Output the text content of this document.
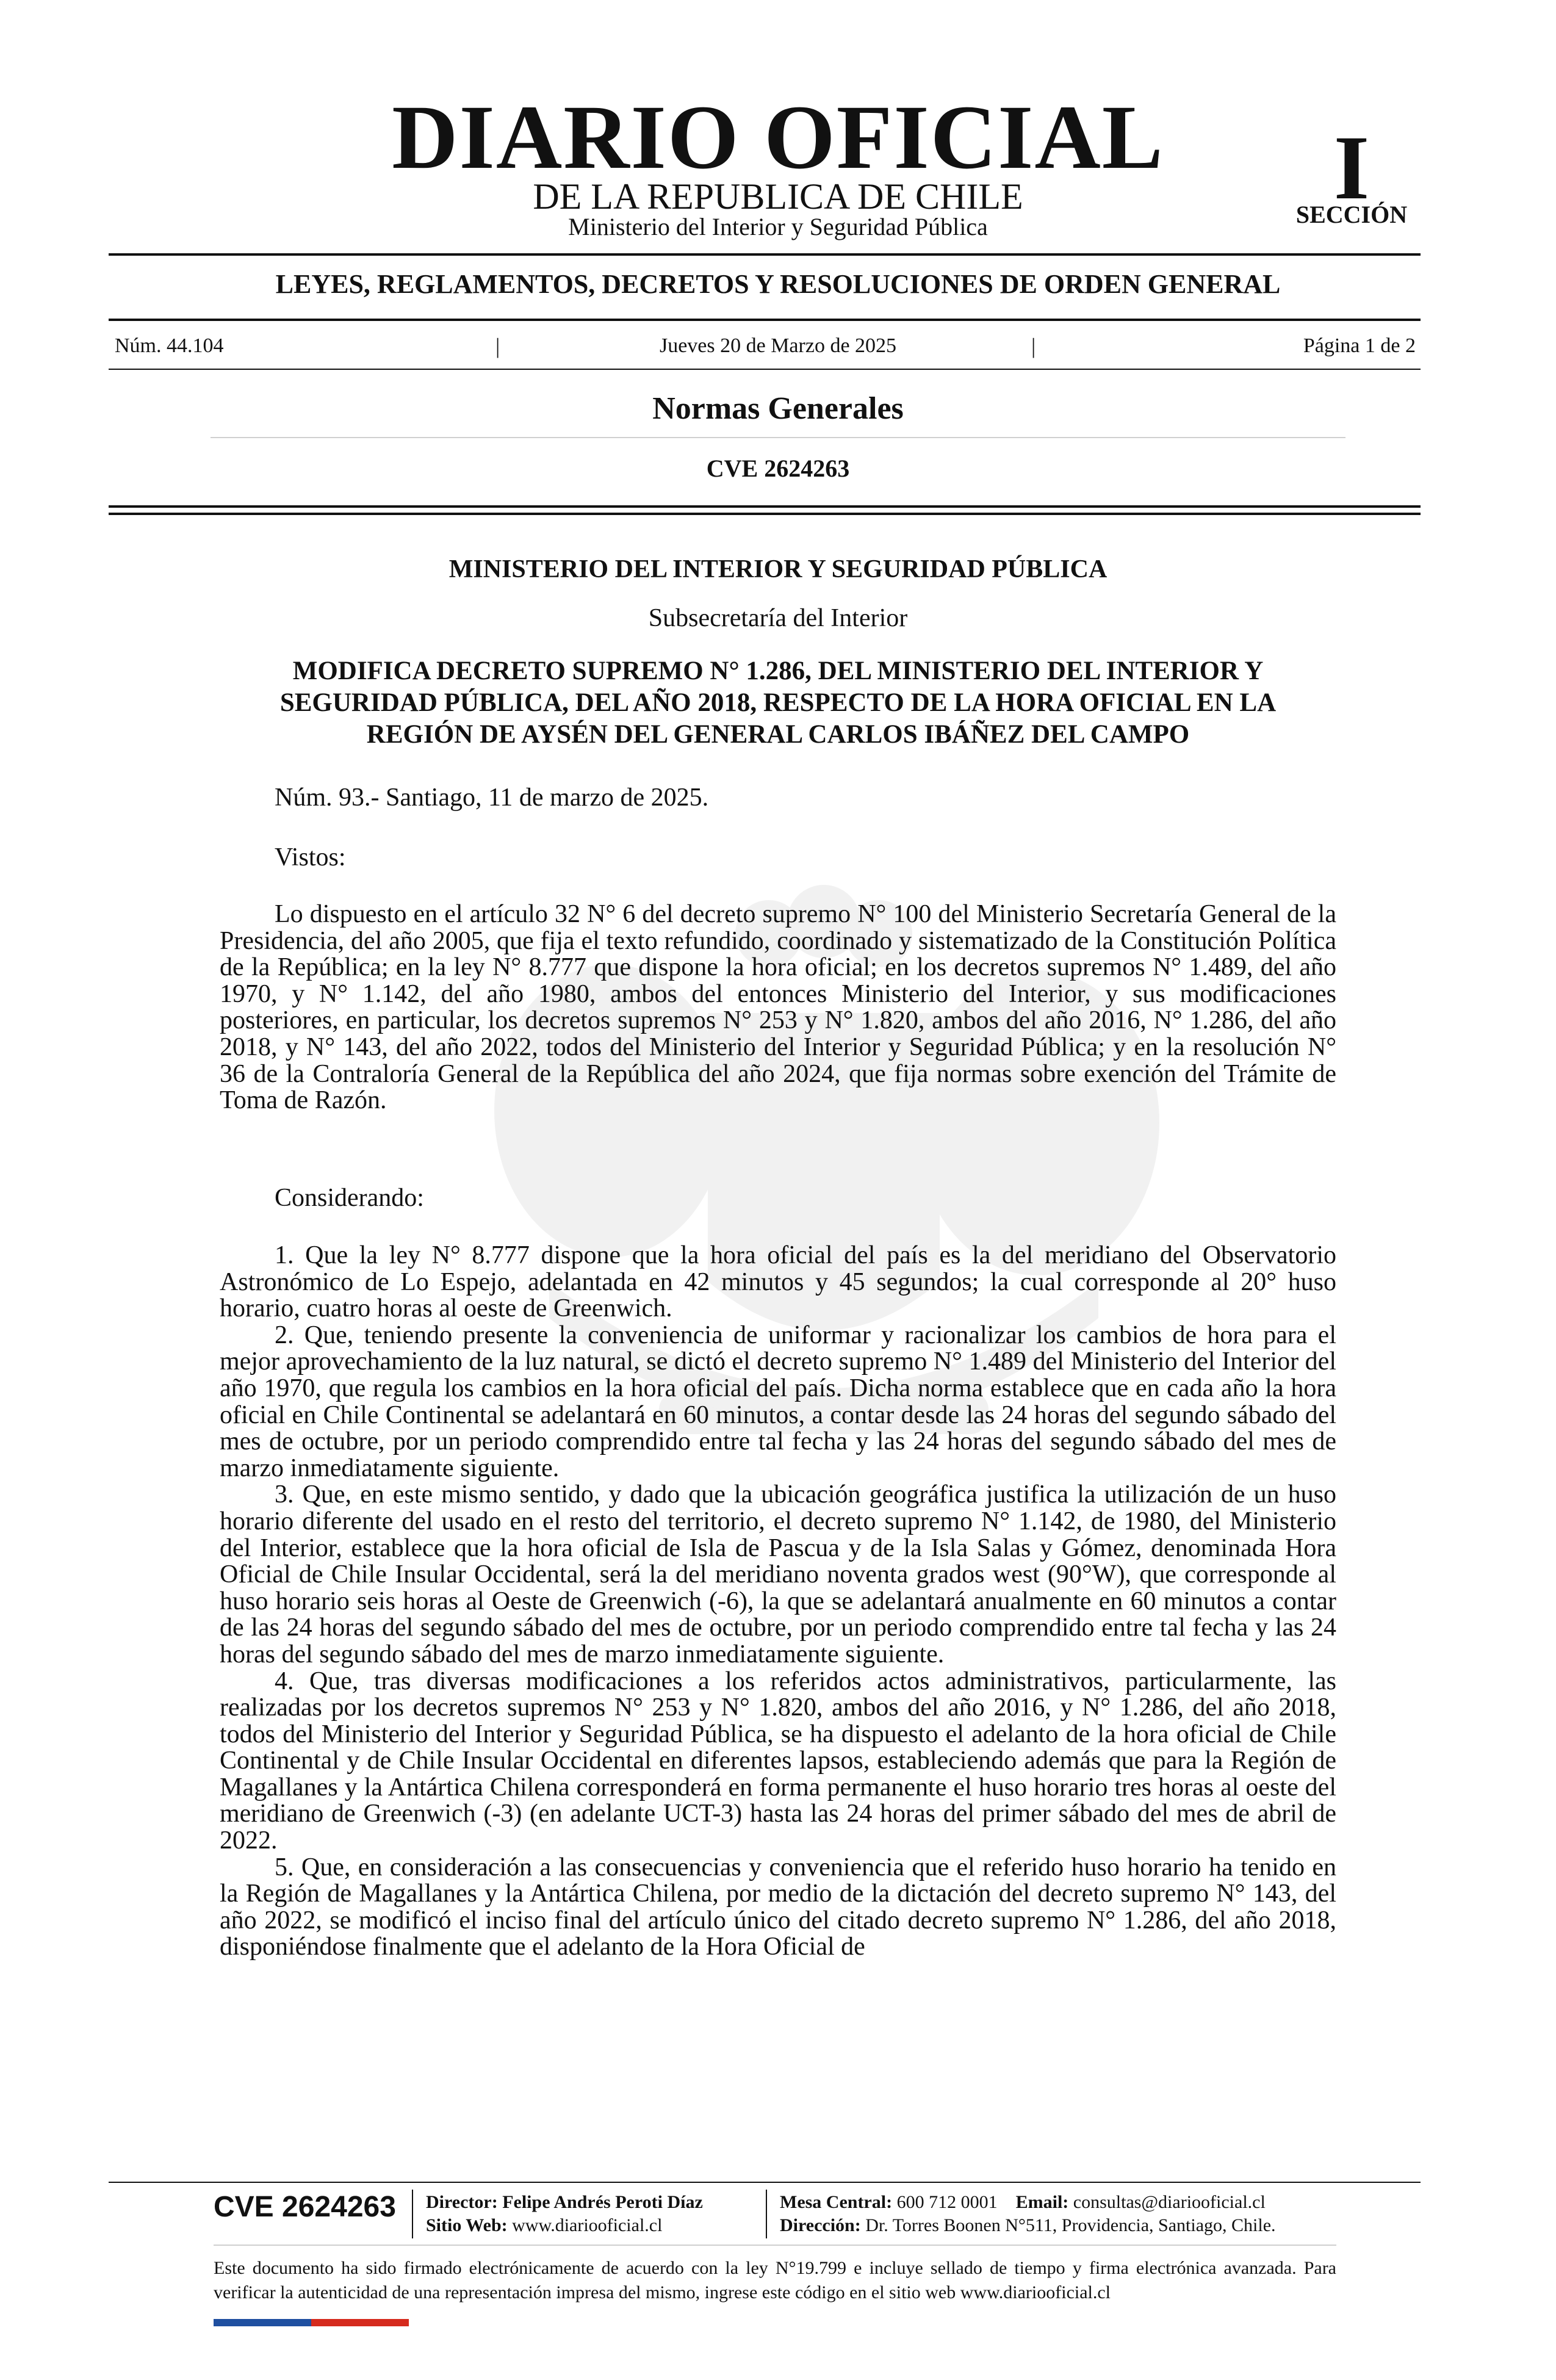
DIARIO OFICIAL
DE LA REPUBLICA DE CHILE
Ministerio del Interior y Seguridad Pública
I
SECCIÓN
LEYES, REGLAMENTOS, DECRETOS Y RESOLUCIONES DE ORDEN GENERAL
Núm. 44.104	|	Jueves 20 de Marzo de 2025	|	Página 1 de 2
Normas Generales
CVE 2624263
MINISTERIO DEL INTERIOR Y SEGURIDAD PÚBLICA
Subsecretaría del Interior
MODIFICA DECRETO SUPREMO N° 1.286, DEL MINISTERIO DEL INTERIOR Y
SEGURIDAD PÚBLICA, DEL AÑO 2018, RESPECTO DE LA HORA OFICIAL EN LA
REGIÓN DE AYSÉN DEL GENERAL CARLOS IBÁÑEZ DEL CAMPO
Núm. 93.- Santiago, 11 de marzo de 2025.
Vistos:
Lo dispuesto en el artículo 32 N° 6 del decreto supremo N° 100 del Ministerio Secretaría General de la Presidencia, del año 2005, que fija el texto refundido, coordinado y sistematizado de la Constitución Política de la República; en la ley N° 8.777 que dispone la hora oficial; en los decretos supremos N° 1.489, del año 1970, y N° 1.142, del año 1980, ambos del entonces Ministerio del Interior, y sus modificaciones posteriores, en particular, los decretos supremos N° 253 y N° 1.820, ambos del año 2016, N° 1.286, del año 2018, y N° 143, del año 2022, todos del Ministerio del Interior y Seguridad Pública; y en la resolución N° 36 de la Contraloría General de la República del año 2024, que fija normas sobre exención del Trámite de Toma de Razón.
Considerando:
1. Que la ley N° 8.777 dispone que la hora oficial del país es la del meridiano del Observatorio Astronómico de Lo Espejo, adelantada en 42 minutos y 45 segundos; la cual corresponde al 20° huso horario, cuatro horas al oeste de Greenwich.
2. Que, teniendo presente la conveniencia de uniformar y racionalizar los cambios de hora para el mejor aprovechamiento de la luz natural, se dictó el decreto supremo N° 1.489 del Ministerio del Interior del año 1970, que regula los cambios en la hora oficial del país. Dicha norma establece que en cada año la hora oficial en Chile Continental se adelantará en 60 minutos, a contar desde las 24 horas del segundo sábado del mes de octubre, por un periodo comprendido entre tal fecha y las 24 horas del segundo sábado del mes de marzo inmediatamente siguiente.
3. Que, en este mismo sentido, y dado que la ubicación geográfica justifica la utilización de un huso horario diferente del usado en el resto del territorio, el decreto supremo N° 1.142, de 1980, del Ministerio del Interior, establece que la hora oficial de Isla de Pascua y de la Isla Salas y Gómez, denominada Hora Oficial de Chile Insular Occidental, será la del meridiano noventa grados west (90°W), que corresponde al huso horario seis horas al Oeste de Greenwich (-6), la que se adelantará anualmente en 60 minutos a contar de las 24 horas del segundo sábado del mes de octubre, por un periodo comprendido entre tal fecha y las 24 horas del segundo sábado del mes de marzo inmediatamente siguiente.
4. Que, tras diversas modificaciones a los referidos actos administrativos, particularmente, las realizadas por los decretos supremos N° 253 y N° 1.820, ambos del año 2016, y N° 1.286, del año 2018, todos del Ministerio del Interior y Seguridad Pública, se ha dispuesto el adelanto de la hora oficial de Chile Continental y de Chile Insular Occidental en diferentes lapsos, estableciendo además que para la Región de Magallanes y la Antártica Chilena corresponderá en forma permanente el huso horario tres horas al oeste del meridiano de Greenwich (-3) (en adelante UCT-3) hasta las 24 horas del primer sábado del mes de abril de 2022.
5. Que, en consideración a las consecuencias y conveniencia que el referido huso horario ha tenido en la Región de Magallanes y la Antártica Chilena, por medio de la dictación del decreto supremo N° 143, del año 2022, se modificó el inciso final del artículo único del citado decreto supremo N° 1.286, del año 2018, disponiéndose finalmente que el adelanto de la Hora Oficial de
CVE 2624263 Director: Felipe Andrés Peroti Díaz
Sitio Web: www.diariooficial.cl
Mesa Central: 600 712 0001 Email: consultas@diariooficial.cl
Dirección: Dr. Torres Boonen N°511, Providencia, Santiago, Chile.
Este documento ha sido firmado electrónicamente de acuerdo con la ley N°19.799 e incluye sellado de tiempo y firma electrónica avanzada. Para verificar la autenticidad de una representación impresa del mismo, ingrese este código en el sitio web www.diariooficial.cl
